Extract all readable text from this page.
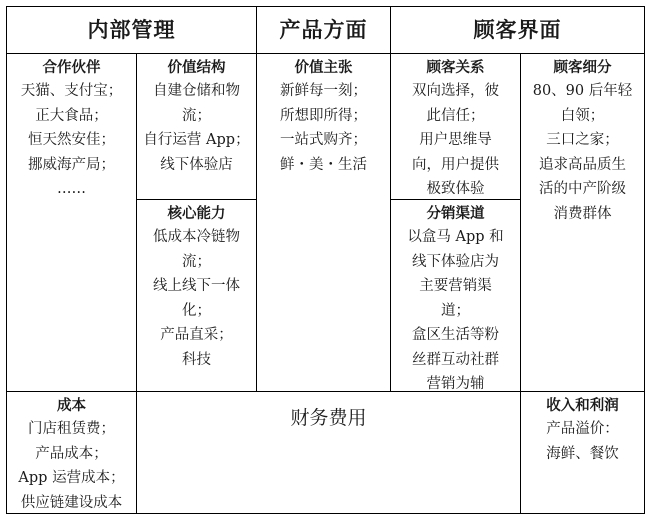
内部管理	产品方面	顾客界面
合作伙伴
天猫、支付宝；
正大食品；
恒天然安佳；
挪威海产局；
……
价值结构
自建仓储和物
流；
自行运营 App；
线下体验店
核心能力
低成本冷链物
流；
线上线下一体
化；
产品直采；
科技
价值主张
新鲜每一刻；
所想即所得；
一站式购齐；
鲜・美・生活
顾客关系
双向选择，彼
此信任；
用户思维导
向，用户提供
极致体验
分销渠道
以盒马 App 和
线下体验店为
主要营销渠
道；
盒区生活等粉
丝群互动社群
营销为辅
顾客细分
80、90 后年轻
白领；
三口之家；
追求高品质生
活的中产阶级
消费群体
成本
门店租赁费；
产品成本；
App 运营成本；
供应链建设成本
财务费用
收入和利润
产品溢价：
海鲜、餐饮
